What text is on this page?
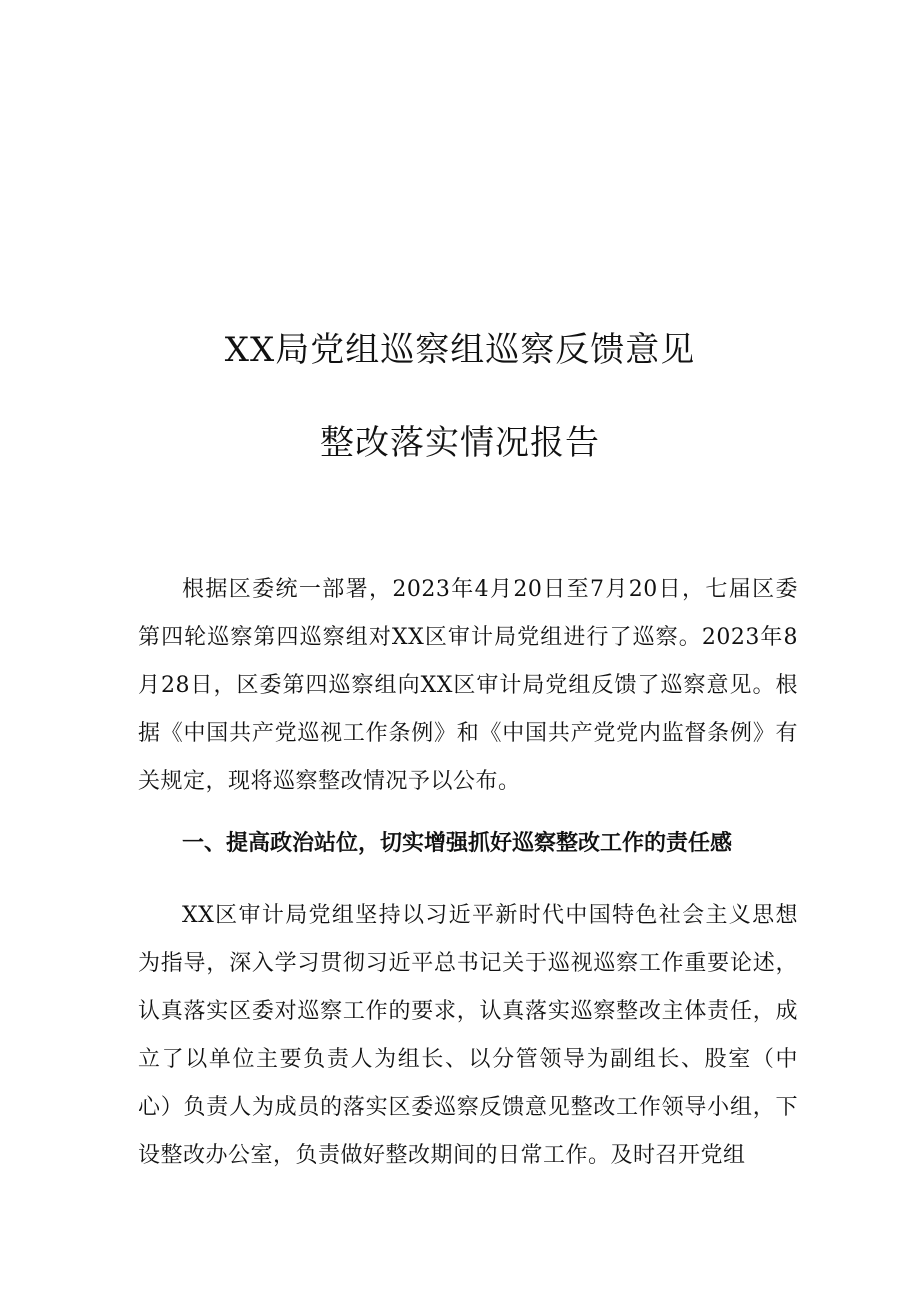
XX局党组巡察组巡察反馈意见
整改落实情况报告

根据区委统一部署，2023年4月20日至7月20日，七届区委第四轮巡察第四巡察组对XX区审计局党组进行了巡察。2023年8月28日，区委第四巡察组向XX区审计局党组反馈了巡察意见。根据《中国共产党巡视工作条例》和《中国共产党党内监督条例》有关规定，现将巡察整改情况予以公布。

一、提高政治站位，切实增强抓好巡察整改工作的责任感

XX区审计局党组坚持以习近平新时代中国特色社会主义思想为指导，深入学习贯彻习近平总书记关于巡视巡察工作重要论述，认真落实区委对巡察工作的要求，认真落实巡察整改主体责任，成立了以单位主要负责人为组长、以分管领导为副组长、股室（中心）负责人为成员的落实区委巡察反馈意见整改工作领导小组，下设整改办公室，负责做好整改期间的日常工作。及时召开党组
